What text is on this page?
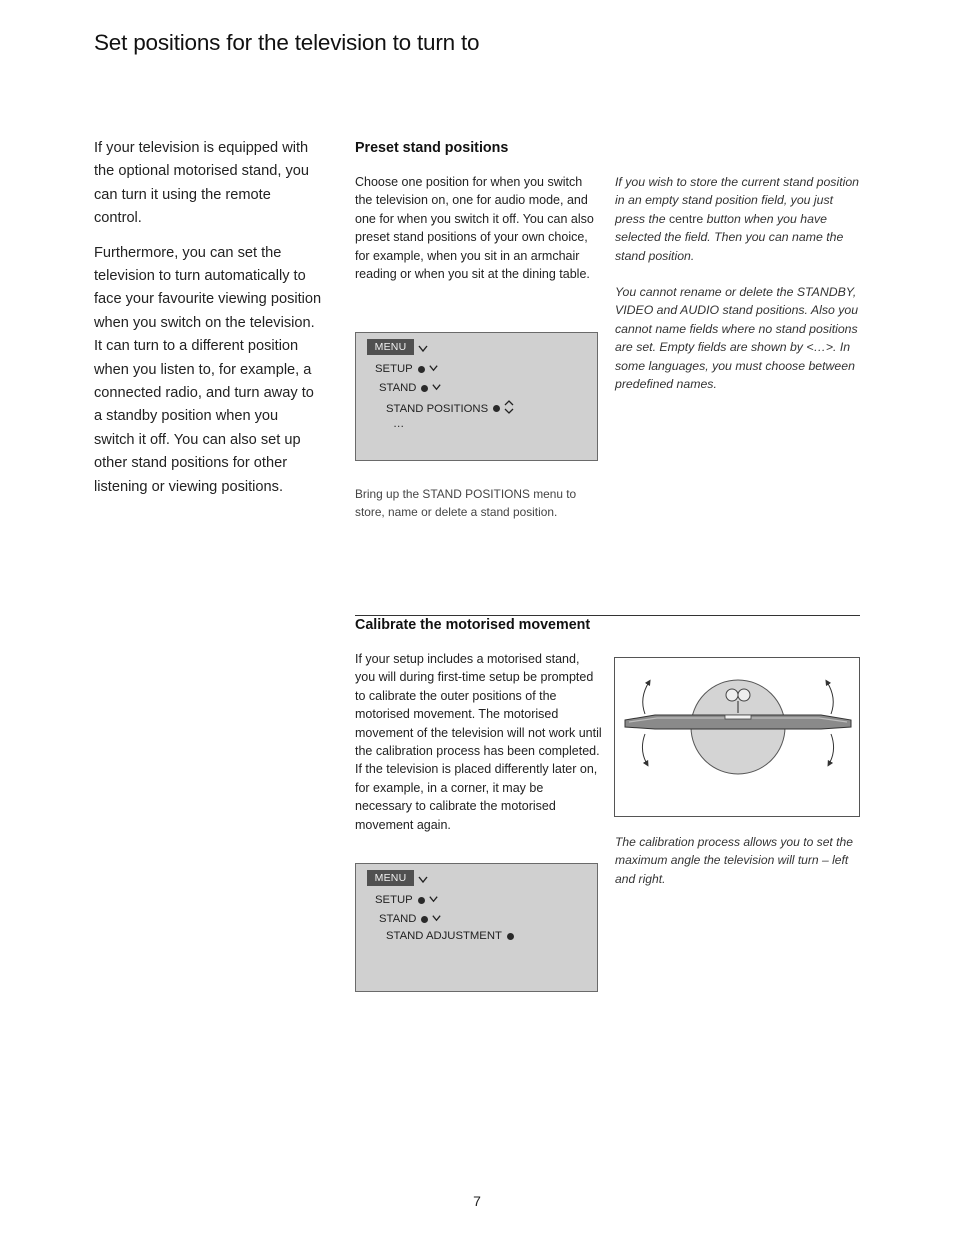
Set positions for the television to turn to

If your television is equipped with the optional motorised stand, you can turn it using the remote control.

Furthermore, you can set the television to turn automatically to face your favourite viewing position when you switch on the television. It can turn to a different position when you listen to, for example, a connected radio, and turn away to a standby position when you switch it off. You can also set up other stand positions for other listening or viewing positions.

Preset stand positions
Choose one position for when you switch the television on, one for audio mode, and one for when you switch it off. You can also preset stand positions of your own choice, for example, when you sit in an armchair reading or when you sit at the dining table.
If you wish to store the current stand position in an empty stand position field, you just press the centre button when you have selected the field. Then you can name the stand position.
You cannot rename or delete the STANDBY, VIDEO and AUDIO stand positions. Also you cannot name fields where no stand positions are set. Empty fields are shown by <…>. In some languages, you must choose between predefined names.
MENU
SETUP
STAND
STAND POSITIONS
…
Bring up the STAND POSITIONS menu to store, name or delete a stand position.
Calibrate the motorised movement
If your setup includes a motorised stand, you will during first-time setup be prompted to calibrate the outer positions of the motorised movement. The motorised movement of the television will not work until the calibration process has been completed. If the television is placed differently later on, for example, in a corner, it may be necessary to calibrate the motorised movement again.
The calibration process allows you to set the maximum angle the television will turn – left and right.
MENU
SETUP
STAND
STAND ADJUSTMENT
7
